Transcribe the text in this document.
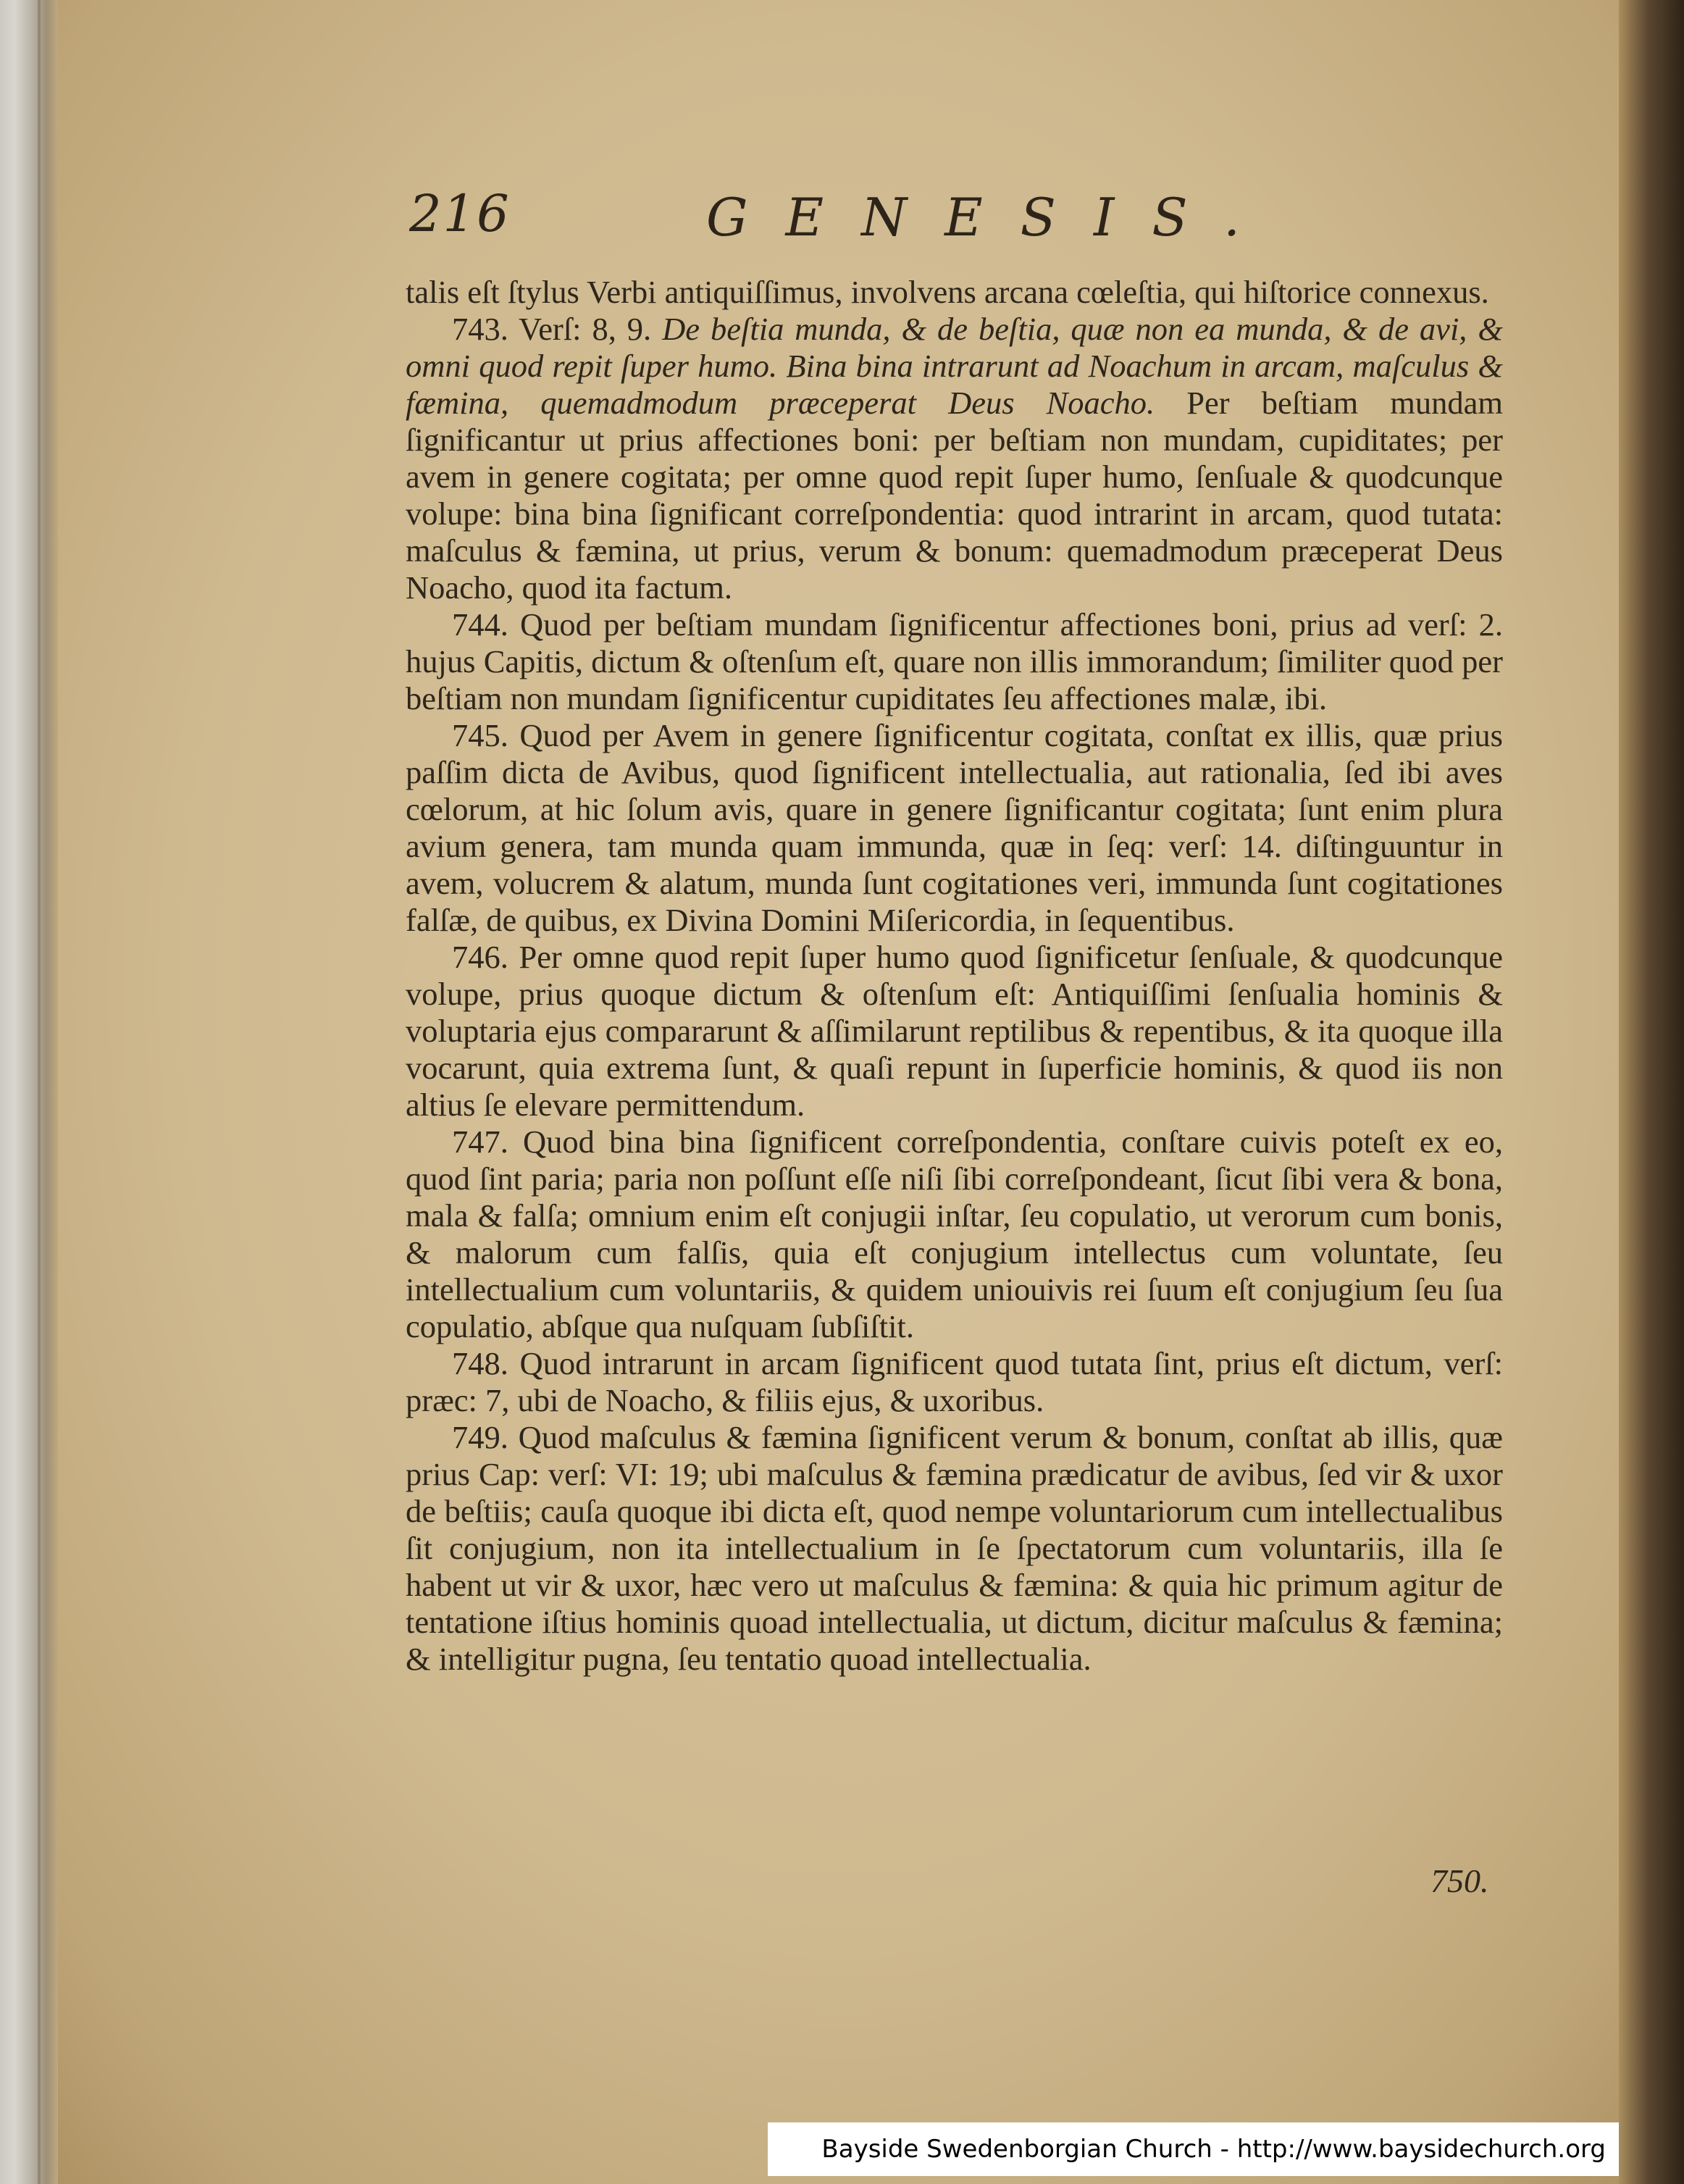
216	GENESIS.

talis eſt ſtylus Verbi antiquiſſimus, involvens arcana cœleſtia, qui hiſtorice connexus.

743. Verſ: 8, 9. De beſtia munda, & de beſtia, quæ non ea munda, & de avi, & omni quod repit ſuper humo. Bina bina intrarunt ad Noachum in arcam, maſculus & fæmina, quemadmodum præceperat Deus Noacho. Per beſtiam mundam ſignificantur ut prius affectiones boni: per beſtiam non mundam, cupiditates; per avem in genere cogitata; per omne quod repit ſuper humo, ſenſuale & quodcunque volupe: bina bina ſignificant correſpondentia: quod intrarint in arcam, quod tutata: maſculus & fæmina, ut prius, verum & bonum: quemadmodum præceperat Deus Noacho, quod ita factum.

744. Quod per beſtiam mundam ſignificentur affectiones boni, prius ad verſ: 2. hujus Capitis, dictum & oſtenſum eſt, quare non illis immorandum; ſimiliter quod per beſtiam non mundam ſignificentur cupiditates ſeu affectiones malæ, ibi.

745. Quod per Avem in genere ſignificentur cogitata, conſtat ex illis, quæ prius paſſim dicta de Avibus, quod ſignificent intellectualia, aut rationalia, ſed ibi aves cœlorum, at hic ſolum avis, quare in genere ſignificantur cogitata; ſunt enim plura avium genera, tam munda quam immunda, quæ in ſeq: verſ: 14. diſtinguuntur in avem, volucrem & alatum, munda ſunt cogitationes veri, immunda ſunt cogitationes falſæ, de quibus, ex Divina Domini Miſericordia, in ſequentibus.

746. Per omne quod repit ſuper humo quod ſignificetur ſenſuale, & quodcunque volupe, prius quoque dictum & oſtenſum eſt: Antiquiſſimi ſenſualia hominis & voluptaria ejus compararunt & aſſimilarunt reptilibus & repentibus, & ita quoque illa vocarunt, quia extrema ſunt, & quaſi repunt in ſuperficie hominis, & quod iis non altius ſe elevare permittendum.

747. Quod bina bina ſignificent correſpondentia, conſtare cuivis poteſt ex eo, quod ſint paria; paria non poſſunt eſſe niſi ſibi correſpondeant, ſicut ſibi vera & bona, mala & falſa; omnium enim eſt conjugii inſtar, ſeu copulatio, ut verorum cum bonis, & malorum cum falſis, quia eſt conjugium intellectus cum voluntate, ſeu intellectualium cum voluntariis, & quidem uniouivis rei ſuum eſt conjugium ſeu ſua copulatio, abſque qua nuſquam ſubſiſtit.

748. Quod intrarunt in arcam ſignificent quod tutata ſint, prius eſt dictum, verſ: præc: 7, ubi de Noacho, & filiis ejus, & uxoribus.

749. Quod maſculus & fæmina ſignificent verum & bonum, conſtat ab illis, quæ prius Cap: verſ: VI: 19; ubi maſculus & fæmina prædicatur de avibus, ſed vir & uxor de beſtiis; cauſa quoque ibi dicta eſt, quod nempe voluntariorum cum intellectualibus ſit conjugium, non ita intellectualium in ſe ſpectatorum cum voluntariis, illa ſe habent ut vir & uxor, hæc vero ut maſculus & fæmina: & quia hic primum agitur de tentatione iſtius hominis quoad intellectualia, ut dictum, dicitur maſculus & fæmina; & intelligitur pugna, ſeu tentatio quoad intellectualia.

750.
Bayside Swedenborgian Church - http://www.baysidechurch.org
